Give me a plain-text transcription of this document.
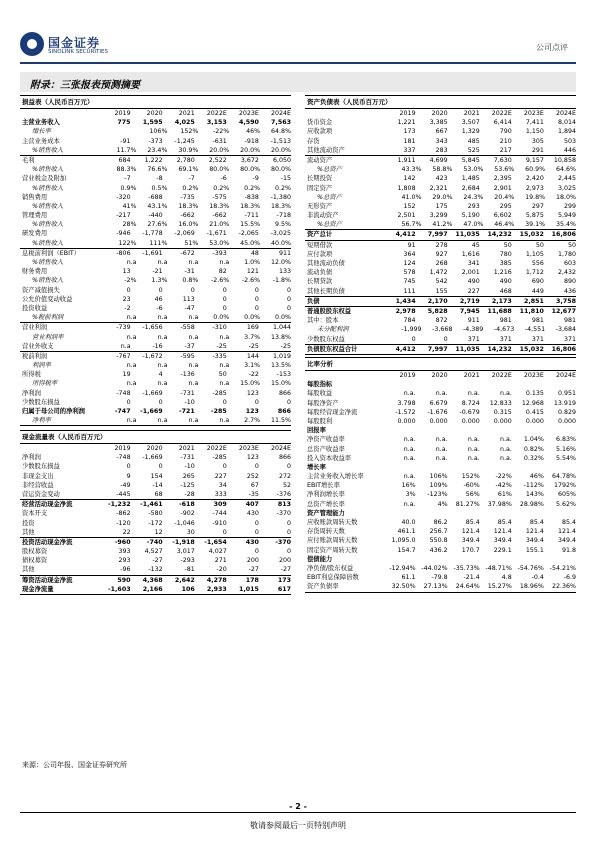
国金证券
SINOLINK SECURITIES	公司点评
附录：三张报表预测摘要
损益表（人民币百万元）
2019	2020	2021	2022E	2023E	2024E
主营业务收入	775	1,595	4,025	3,153	4,590	7,563
增长率	106%	152%	-22%	46%	64.8%
主营业务成本	-91	-373	-1,245	-631	-918	-1,513
%销售收入	11.7%	23.4%	30.9%	20.0%	20.0%	20.0%
毛利	684	1,222	2,780	2,522	3,672	6,050
%销售收入	88.3%	76.6%	69.1%	80.0%	80.0%	80.0%
营业税金及附加	-7	-8	-7	-6	-9	-15
%销售收入	0.9%	0.5%	0.2%	0.2%	0.2%	0.2%
销售费用	-320	-688	-735	-575	-838	-1,380
%销售收入	41%	43.1%	18.3%	18.3%	18.3%	18.3%
管理费用	-217	-440	-662	-662	-711	-718
%销售收入	28%	27.6%	16.0%	21.0%	15.5%	9.5%
研发费用	-946	-1,778	-2,069	-1,671	-2,065	-3,025
%销售收入	122%	111%	51%	53.0%	45.0%	40.0%
息税前利润（EBIT）	-806	-1,691	-672	-393	48	911
%销售收入	n.a	n.a	n.a	n.a	1.0%	12.0%
财务费用	13	-21	-31	82	121	133
%销售收入	-2%	1.3%	0.8%	-2.6%	-2.6%	-1.8%
资产减值损失	0	0	0	0	0	0
公允价值变动收益	23	46	113	0	0	0
投资收益	-2	-6	-47	0	0	0
%税前利润	n.a	n.a	n.a	0.0%	0.0%	0.0%
营业利润	-739	-1,656	-558	-310	169	1,044
营业利润率	n.a	n.a	n.a	n.a	3.7%	13.8%
营业外收支	n.a	-16	-37	-25	-25	-25
税前利润	-767	-1,672	-595	-335	144	1,019
利润率	n.a	n.a	n.a	n.a	3.1%	13.5%
所得税	19	4	-136	50	-22	-153
所得税率	n.a	n.a	n.a	n.a	15.0%	15.0%
净利润	-748	-1,669	-731	-285	123	866
少数股东损益	0	0	-10	0	0	0
归属于母公司的净利润	-747	-1,669	-721	-285	123	866
净利率	n.a	n.a	n.a	n.a	2.7%	11.5%
资产负债表（人民币百万元）
2019	2020	2021	2022E	2023E	2024E
货币资金	1,221	3,385	3,507	6,414	7,411	8,014
应收款项	173	667	1,329	790	1,150	1,894
存货	181	343	485	210	305	503
其他流动资产	337	283	525	217	291	446
流动资产	1,911	4,699	5,845	7,630	9,157	10,858
%总资产	43.3%	58.8%	53.0%	53.6%	60.9%	64.6%
长期投资	142	423	1,485	2,395	2,420	2,445
固定资产	1,808	2,321	2,684	2,901	2,973	3,025
%总资产	41.0%	29.0%	24.3%	20.4%	19.8%	18.0%
无形资产	152	175	293	295	297	299
非流动资产	2,501	3,299	5,190	6,602	5,875	5,949
%总资产	56.7%	41.2%	47.0%	46.4%	39.1%	35.4%
资产总计	4,412	7,997	11,035	14,232	15,032	16,806
短期借款	91	278	45	50	50	50
应付款项	364	927	1,616	780	1,105	1,780
其他流动负债	124	268	341	385	556	603
流动负债	578	1,472	2,001	1,216	1,712	2,432
长期贷款	745	542	490	490	690	890
其他长期负债	111	155	227	468	449	436
负债	1,434	2,170	2,719	2,173	2,851	3,758
普通股股东权益	2,978	5,828	7,945	11,688	11,810	12,677
其中：股本	784	872	911	981	981	981
未分配利润	-1,999	-3,668	-4,389	-4,673	-4,551	-3,684
少数股东权益	0	0	371	371	371	371
负债股东权益合计	4,412	7,997	11,035	14,232	15,032	16,806
比率分析
2019	2020	2021	2022E	2023E	2024E
每股指标
每股收益	n.a.	n.a.	n.a.	n.a.	0.135	0.951
每股净资产	3.798	6.679	8.724	12.833	12.968	13.919
每股经营现金净流	-1.572	-1.676	-0.679	0.315	0.415	0.829
每股股利	0.000	0.000	0.000	0.000	0.000	0.000
回报率
净资产收益率	n.a.	n.a.	n.a.	n.a.	1.04%	6.83%
总资产收益率	n.a.	n.a.	n.a.	n.a.	0.82%	5.16%
投入资本收益率	n.a.	n.a.	n.a.	n.a.	0.32%	5.54%
增长率
主营业务收入增长率	n.a.	106%	152%	-22%	46%	64.78%
EBIT增长率	16%	109%	-60%	-42%	-112%	1792%
净利润增长率	3%	-123%	56%	61%	143%	605%
总资产增长率	n.a.	4%	81.27%	37.98%	28.98%	5.62%
资产管理能力
应收账款周转天数	40.0	86.2	85.4	85.4	85.4	85.4
存货周转天数	461.1	256.7	121.4	121.4	121.4	121.4
应付账款周转天数	1,095.0	550.8	349.4	349.4	349.4	349.4
固定资产周转天数	154.7	436.2	170.7	229.1	155.1	91.8
偿债能力
净负债/股东权益	-12.94% -44.02% -35.73% -48.71% -54.76% -54.21%
EBIT利息保障倍数	61.1	-79.8	-21.4	4.8	-0.4	-6.9
资产负债率	32.50%	27.13%	24.64%	15.27%	18.96%	22.36%
现金流量表（人民币百万元）
2019	2020	2021	2022E	2023E	2024E
净利润	-748	-1,669	-731	-285	123	866
少数股东损益	0	0	-10	0	0	0
非现金支出	9	154	265	227	252	272
非经营收益	-49	-14	-125	34	67	52
营运资金变动	-445	68	-28	333	-35	-376
经营活动现金净流	-1,232	-1,461	-618	309	407	813
资本开支	-862	-580	-902	-744	430	-370
投资	-120	-172	-1,046	-910	0	0
其他	22	12	30	0	0	0
投资活动现金净流	-960	-740	-1,918	-1,654	430	-370
股权募资	393	4,527	3,017	4,027	0	0
债权募资	293	-27	-293	271	200	200
其他	-96	-132	-81	-20	-27	-27
筹资活动现金净流	590	4,368	2,642	4,278	178	173
现金净流量	-1,603	2,166	106	2,933	1,015	617
来源：公司年报、国金证券研究所
- 2 -
敬请参阅最后一页特别声明
